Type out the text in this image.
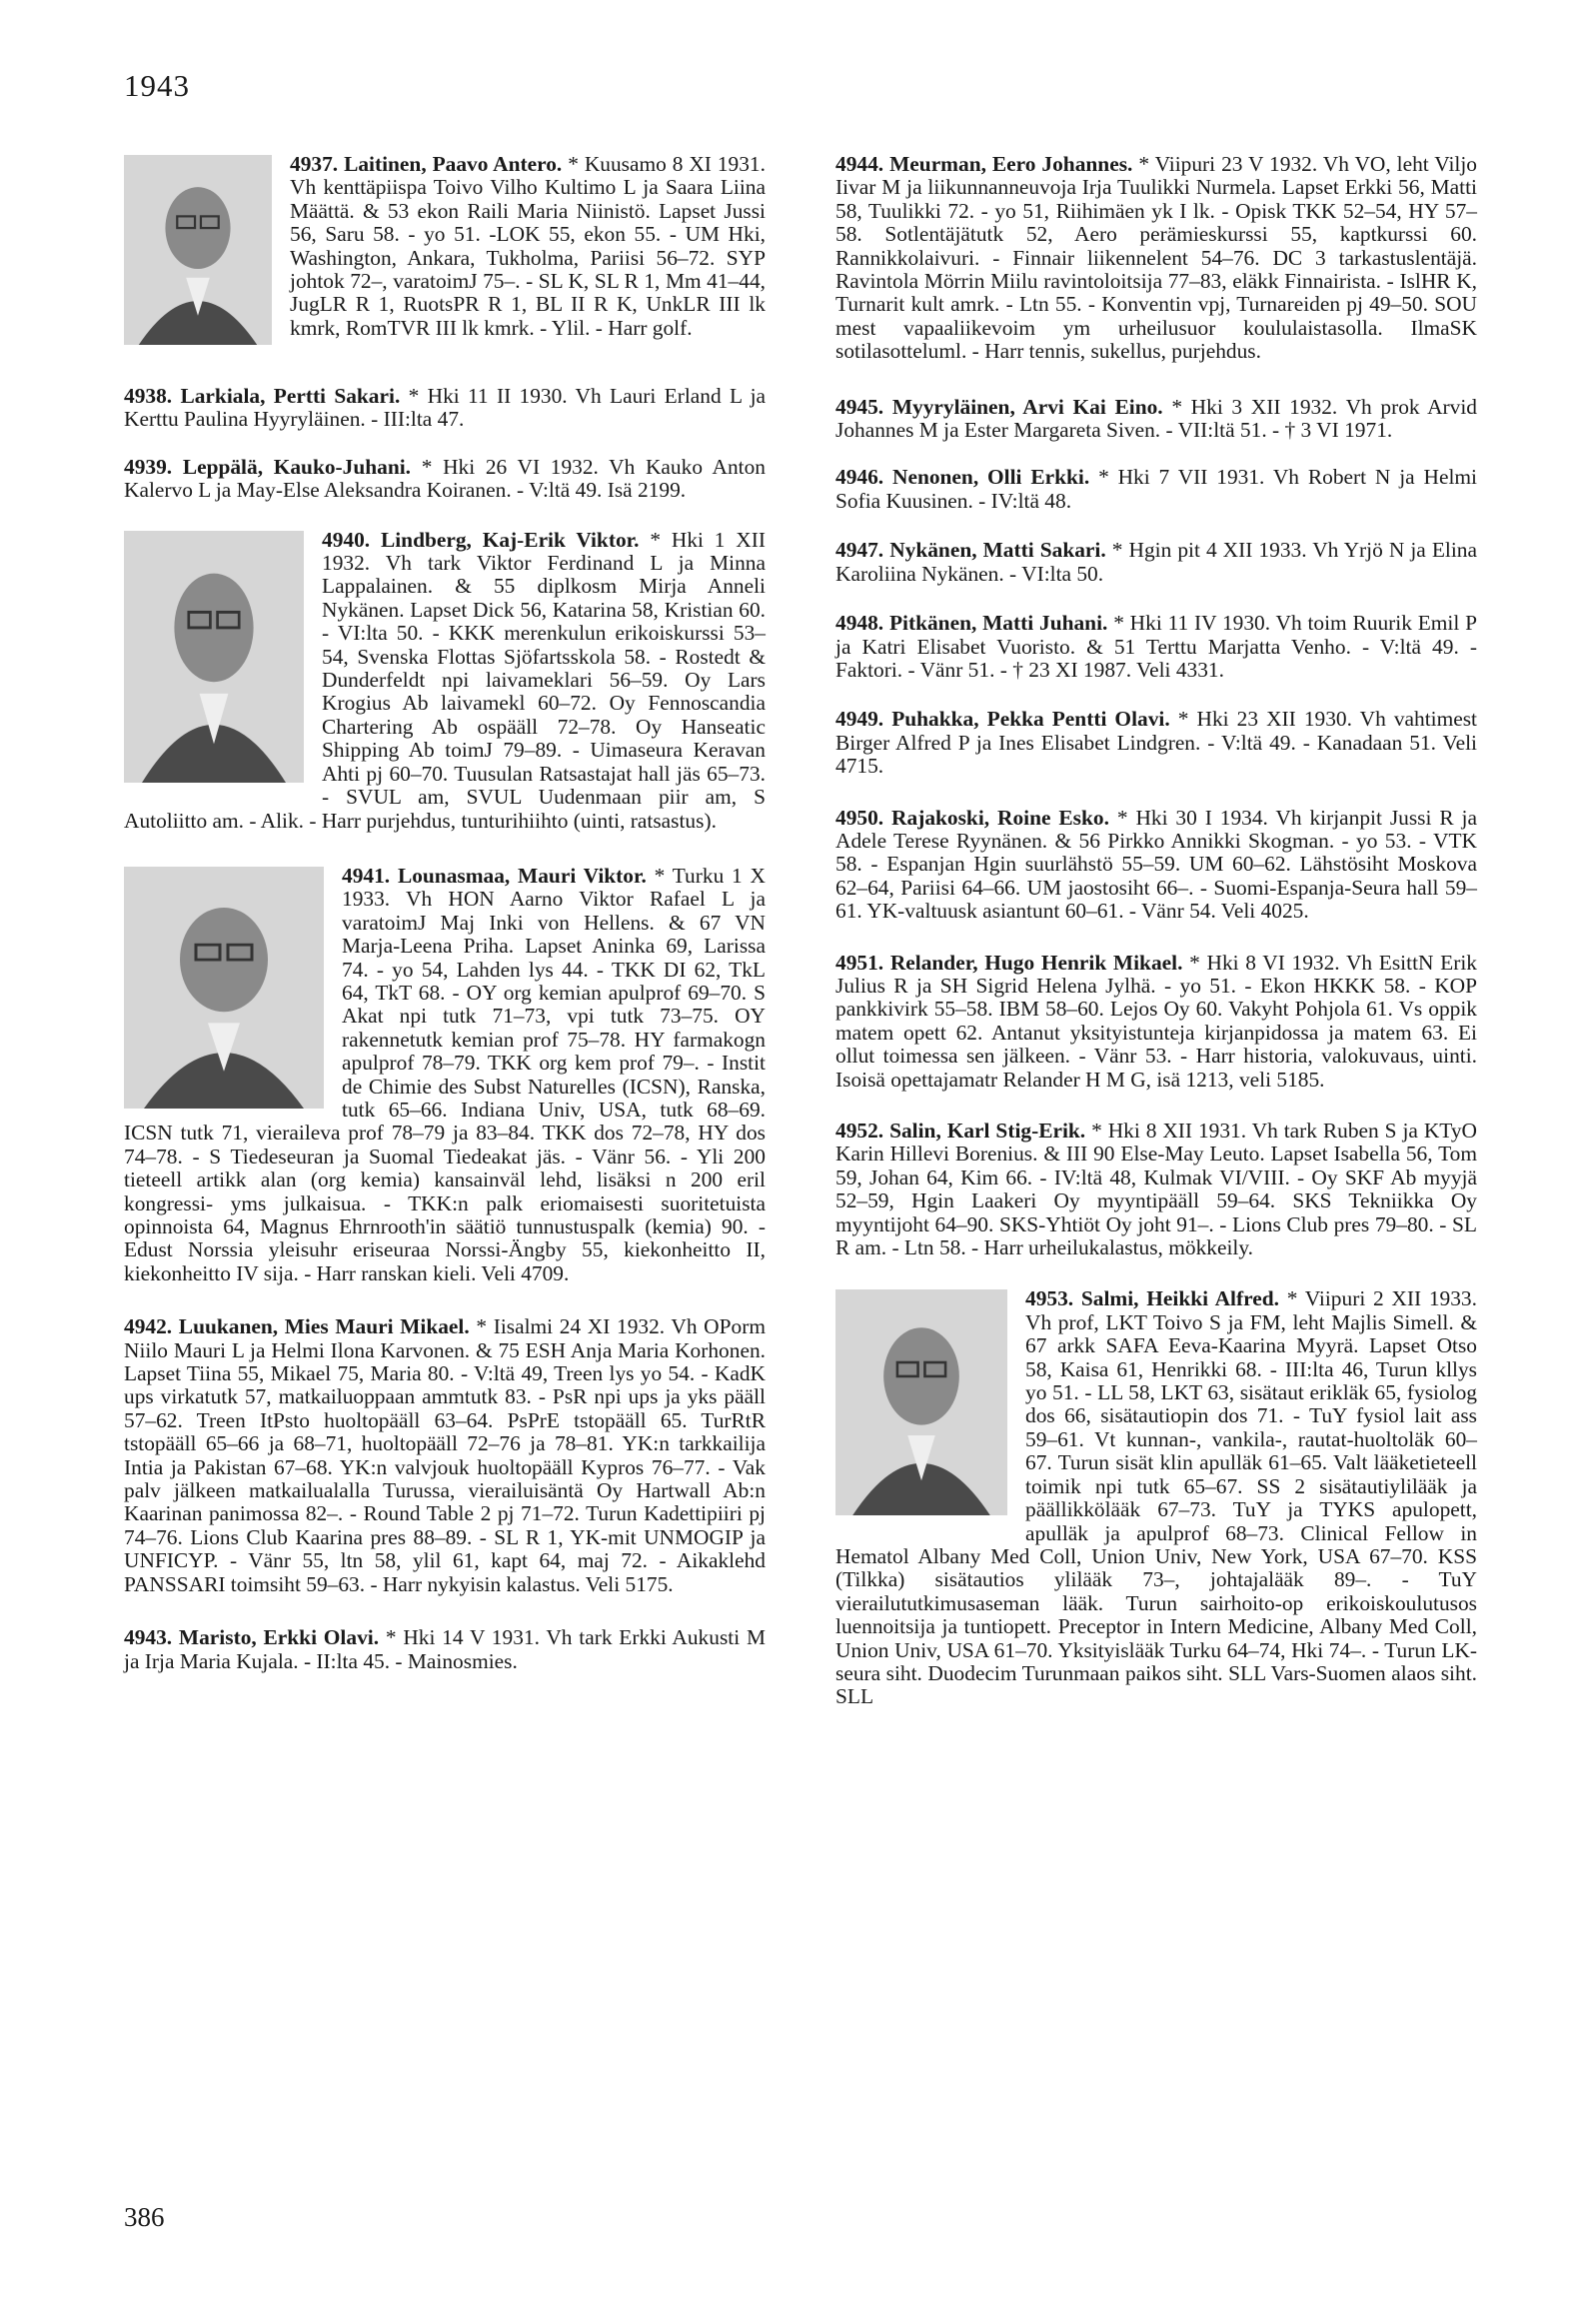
1943

4937. Laitinen, Paavo Antero. * Kuusamo 8 XI 1931. Vh kenttäpiispa Toivo Vilho Kultimo L ja Saara Liina Määttä. & 53 ekon Raili Maria Niinistö. Lapset Jussi 56, Saru 58. - yo 51. -LOK 55, ekon 55. - UM Hki, Washington, Ankara, Tukholma, Pariisi 56–72. SYP johtok 72–, varatoimJ 75–. - SL K, SL R 1, Mm 41–44, JugLR R 1, RuotsPR R 1, BL II R K, UnkLR III lk kmrk, RomTVR III lk kmrk. - Ylil. - Harr golf.

4938. Larkiala, Pertti Sakari. * Hki 11 II 1930. Vh Lauri Erland L ja Kerttu Paulina Hyyryläinen. - III:lta 47.

4939. Leppälä, Kauko-Juhani. * Hki 26 VI 1932. Vh Kauko Anton Kalervo L ja May-Else Aleksandra Koiranen. - V:ltä 49. Isä 2199.

4940. Lindberg, Kaj-Erik Viktor. * Hki 1 XII 1932. Vh tark Viktor Ferdinand L ja Minna Lappalainen. & 55 diplkosm Mirja Anneli Nykänen. Lapset Dick 56, Katarina 58, Kristian 60. - VI:lta 50. - KKK merenkulun erikoiskurssi 53–54, Svenska Flottas Sjöfartsskola 58. - Rostedt & Dunderfeldt npi laivameklari 56–59. Oy Lars Krogius Ab laivamekl 60–72. Oy Fennoscandia Chartering Ab ospääll 72–78. Oy Hanseatic Shipping Ab toimJ 79–89. - Uimaseura Keravan Ahti pj 60–70. Tuusulan Ratsastajat hall jäs 65–73. - SVUL am, SVUL Uudenmaan piir am, S Autoliitto am. - Alik. - Harr purjehdus, tunturihiihto (uinti, ratsastus).

4941. Lounasmaa, Mauri Viktor. * Turku 1 X 1933. Vh HON Aarno Viktor Rafael L ja varatoimJ Maj Inki von Hellens. & 67 VN Marja-Leena Priha. Lapset Aninka 69, Larissa 74. - yo 54, Lahden lys 44. - TKK DI 62, TkL 64, TkT 68. - OY org kemian apulprof 69–70. S Akat npi tutk 71–73, vpi tutk 73–75. OY rakennetutk kemian prof 75–78. HY farmakogn apulprof 78–79. TKK org kem prof 79–. - Instit de Chimie des Subst Naturelles (ICSN), Ranska, tutk 65–66. Indiana Univ, USA, tutk 68–69. ICSN tutk 71, vieraileva prof 78–79 ja 83–84. TKK dos 72–78, HY dos 74–78. - S Tiedeseuran ja Suomal Tiedeakat jäs. - Vänr 56. - Yli 200 tieteell artikk alan (org kemia) kansainväl lehd, lisäksi n 200 eril kongressi- yms julkaisua. - TKK:n palk eriomaisesti suoritetuista opinnoista 64, Magnus Ehrnrooth'in säätiö tunnustuspalk (kemia) 90. - Edust Norssia yleisuhr eriseuraa Norssi-Ängby 55, kiekonheitto II, kiekonheitto IV sija. - Harr ranskan kieli. Veli 4709.

4942. Luukanen, Mies Mauri Mikael. * Iisalmi 24 XI 1932. Vh OPorm Niilo Mauri L ja Helmi Ilona Karvonen. & 75 ESH Anja Maria Korhonen. Lapset Tiina 55, Mikael 75, Maria 80. - V:ltä 49, Treen lys yo 54. - KadK ups virkatutk 57, matkailuoppaan ammtutk 83. - PsR npi ups ja yks pääll 57–62. Treen ItPsto huoltopääll 63–64. PsPrE tstopääll 65. TurRtR tstopääll 65–66 ja 68–71, huoltopääll 72–76 ja 78–81. YK:n tarkkailija Intia ja Pakistan 67–68. YK:n valvjouk huoltopääll Kypros 76–77. - Vak palv jälkeen matkailualalla Turussa, vierailuisäntä Oy Hartwall Ab:n Kaarinan panimossa 82–. - Round Table 2 pj 71–72. Turun Kadettipiiri pj 74–76. Lions Club Kaarina pres 88–89. - SL R 1, YK-mit UNMOGIP ja UNFICYP. - Vänr 55, ltn 58, ylil 61, kapt 64, maj 72. - Aikaklehd PANSSARI toimsiht 59–63. - Harr nykyisin kalastus. Veli 5175.

4943. Maristo, Erkki Olavi. * Hki 14 V 1931. Vh tark Erkki Aukusti M ja Irja Maria Kujala. - II:lta 45. - Mainosmies.

4944. Meurman, Eero Johannes. * Viipuri 23 V 1932. Vh VO, leht Viljo Iivar M ja liikunnanneuvoja Irja Tuulikki Nurmela. Lapset Erkki 56, Matti 58, Tuulikki 72. - yo 51, Riihimäen yk I lk. - Opisk TKK 52–54, HY 57–58. Sotlentäjätutk 52, Aero perämieskurssi 55, kaptkurssi 60. Rannikkolaivuri. - Finnair liikennelent 54–76. DC 3 tarkastuslentäjä. Ravintola Mörrin Miilu ravintoloitsija 77–83, eläkk Finnairista. - IslHR K, Turnarit kult amrk. - Ltn 55. - Konventin vpj, Turnareiden pj 49–50. SOU mest vapaaliikevoim ym urheilusuor koululaistasolla. IlmaSK sotilasotteluml. - Harr tennis, sukellus, purjehdus.

4945. Myyryläinen, Arvi Kai Eino. * Hki 3 XII 1932. Vh prok Arvid Johannes M ja Ester Margareta Siven. - VII:ltä 51. - † 3 VI 1971.

4946. Nenonen, Olli Erkki. * Hki 7 VII 1931. Vh Robert N ja Helmi Sofia Kuusinen. - IV:ltä 48.

4947. Nykänen, Matti Sakari. * Hgin pit 4 XII 1933. Vh Yrjö N ja Elina Karoliina Nykänen. - VI:lta 50.

4948. Pitkänen, Matti Juhani. * Hki 11 IV 1930. Vh toim Ruurik Emil P ja Katri Elisabet Vuoristo. & 51 Terttu Marjatta Venho. - V:ltä 49. - Faktori. - Vänr 51. - † 23 XI 1987. Veli 4331.

4949. Puhakka, Pekka Pentti Olavi. * Hki 23 XII 1930. Vh vahtimest Birger Alfred P ja Ines Elisabet Lindgren. - V:ltä 49. - Kanadaan 51. Veli 4715.

4950. Rajakoski, Roine Esko. * Hki 30 I 1934. Vh kirjanpit Jussi R ja Adele Terese Ryynänen. & 56 Pirkko Annikki Skogman. - yo 53. - VTK 58. - Espanjan Hgin suurlähstö 55–59. UM 60–62. Lähstösiht Moskova 62–64, Pariisi 64–66. UM jaostosiht 66–. - Suomi-Espanja-Seura hall 59–61. YK-valtuusk asiantunt 60–61. - Vänr 54. Veli 4025.

4951. Relander, Hugo Henrik Mikael. * Hki 8 VI 1932. Vh EsittN Erik Julius R ja SH Sigrid Helena Jylhä. - yo 51. - Ekon HKKK 58. - KOP pankkivirk 55–58. IBM 58–60. Lejos Oy 60. Vakyht Pohjola 61. Vs oppik matem opett 62. Antanut yksityistunteja kirjanpidossa ja matem 63. Ei ollut toimessa sen jälkeen. - Vänr 53. - Harr historia, valokuvaus, uinti. Isoisä opettajamatr Relander H M G, isä 1213, veli 5185.

4952. Salin, Karl Stig-Erik. * Hki 8 XII 1931. Vh tark Ruben S ja KTyO Karin Hillevi Borenius. & III 90 Else-May Leuto. Lapset Isabella 56, Tom 59, Johan 64, Kim 66. - IV:ltä 48, Kulmak VI/VIII. - Oy SKF Ab myyjä 52–59, Hgin Laakeri Oy myyntipääll 59–64. SKS Tekniikka Oy myyntijoht 64–90. SKS-Yhtiöt Oy joht 91–. - Lions Club pres 79–80. - SL R am. - Ltn 58. - Harr urheilukalastus, mökkeily.

4953. Salmi, Heikki Alfred. * Viipuri 2 XII 1933. Vh prof, LKT Toivo S ja FM, leht Majlis Simell. & 67 arkk SAFA Eeva-Kaarina Myyrä. Lapset Otso 58, Kaisa 61, Henrikki 68. - III:lta 46, Turun kllys yo 51. - LL 58, LKT 63, sisätaut erikläk 65, fysiolog dos 66, sisätautiopin dos 71. - TuY fysiol lait ass 59–61. Vt kunnan-, vankila-, rautat-huoltoläk 60–67. Turun sisät klin apulläk 61–65. Valt lääketieteell toimik npi tutk 65–67. SS 2 sisätautiylilääk ja päällikkölääk 67–73. TuY ja TYKS apulopett, apulläk ja apulprof 68–73. Clinical Fellow in Hematol Albany Med Coll, Union Univ, New York, USA 67–70. KSS (Tilkka) sisätautios ylilääk 73–, johtajalääk 89–. - TuY vierailututkimusaseman lääk. Turun sairhoito-op erikoiskoulutusos luennoitsija ja tuntiopett. Preceptor in Intern Medicine, Albany Med Coll, Union Univ, USA 61–70. Yksityislääk Turku 64–74, Hki 74–. - Turun LK-seura siht. Duodecim Turunmaan paikos siht. SLL Vars-Suomen alaos siht. SLL

386
